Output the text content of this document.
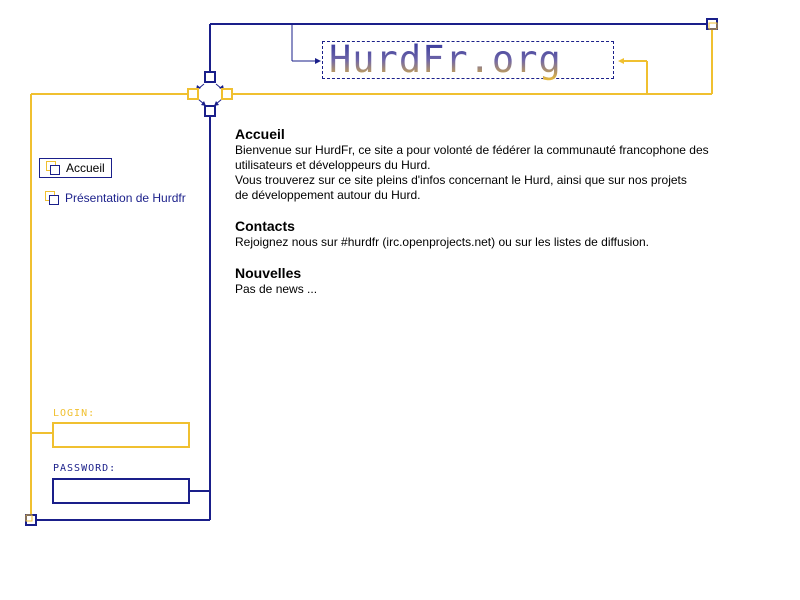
HurdFr.org
Accueil
Présentation de Hurdfr
LOGIN:
PASSWORD:
Accueil

Bienvenue sur HurdFr, ce site a pour volonté de fédérer la communauté francophone des

utilisateurs et développeurs du Hurd.

Vous trouverez sur ce site pleins d'infos concernant le Hurd, ainsi que sur nos projets

de développement autour du Hurd.

Contacts

Rejoignez nous sur #hurdfr (irc.openprojects.net) ou sur les listes de diffusion.

Nouvelles

Pas de news ...
